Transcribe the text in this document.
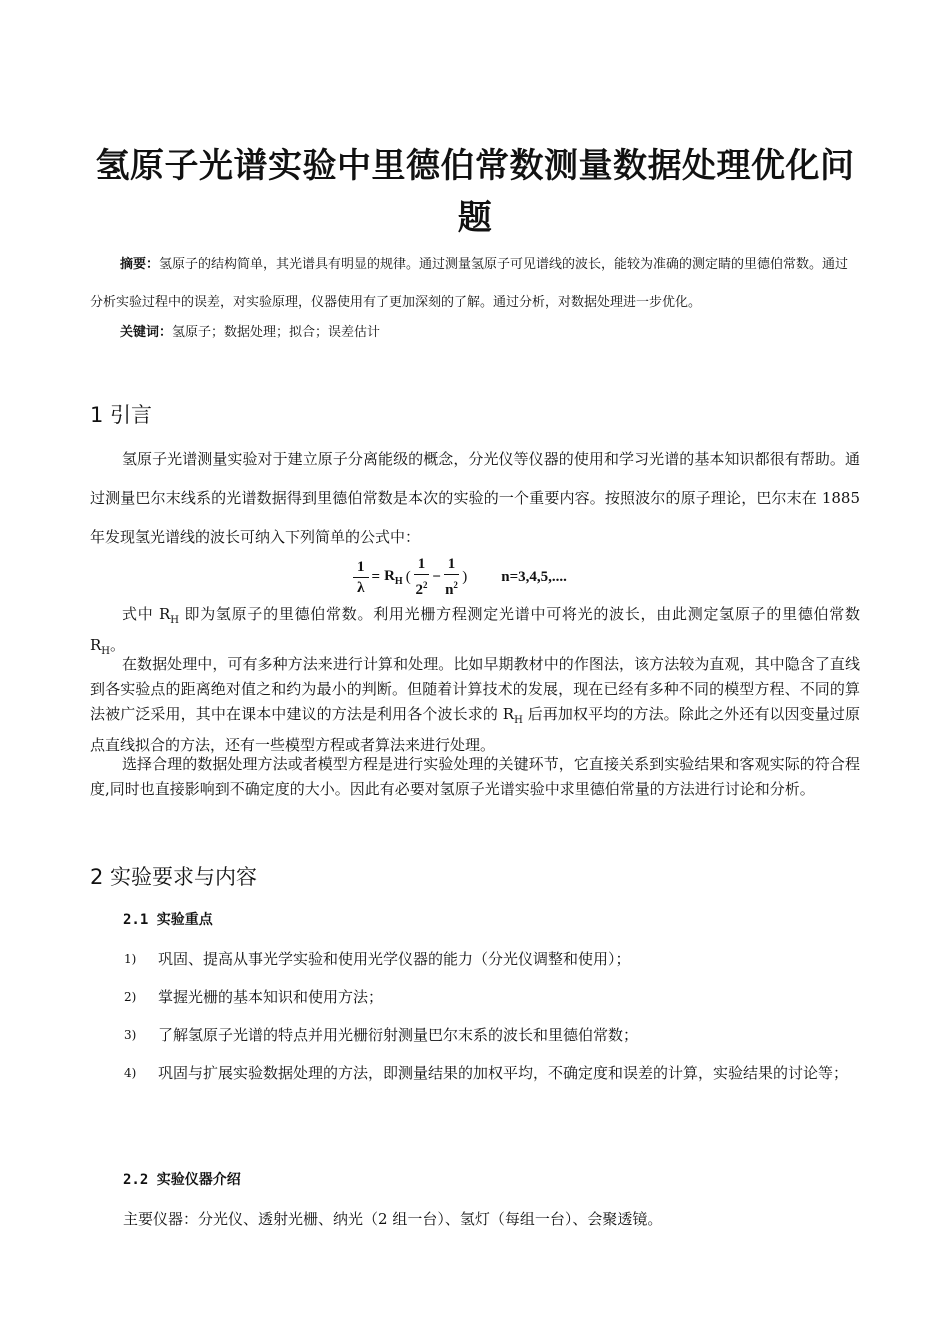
氢原子光谱实验中里德伯常数测量数据处理优化问题
摘要：氢原子的结构简单，其光谱具有明显的规律。通过测量氢原子可见谱线的波长，能较为准确的测定睛的里德伯常数。通过分析实验过程中的误差，对实验原理，仪器使用有了更加深刻的了解。通过分析，对数据处理进一步优化。
关键词：氢原子；数据处理；拟合；误差估计
1 引言
氢原子光谱测量实验对于建立原子分离能级的概念，分光仪等仪器的使用和学习光谱的基本知识都很有帮助。通过测量巴尔末线系的光谱数据得到里德伯常数是本次的实验的一个重要内容。按照波尔的原子理论，巴尔末在 1885 年发现氢光谱线的波长可纳入下列简单的公式中：
$\frac{1}{\lambda} = R_H$ ( $\frac{1}{2^2} - \frac{1}{n^2}$ ) n=3,4,5,....
式中 $R_H$ 即为氢原子的里德伯常数。利用光栅方程测定光谱中可将光的波长，由此测定氢原子的里德伯常数 $R_H$。
在数据处理中，可有多种方法来进行计算和处理。比如早期教材中的作图法，该方法较为直观，其中隐含了直线到各实验点的距离绝对值之和约为最小的判断。但随着计算技术的发展，现在已经有多种不同的模型方程、不同的算法被广泛采用，其中在课本中建议的方法是利用各个波长求的 $R_H$ 后再加权平均的方法。除此之外还有以因变量过原点直线拟合的方法，还有一些模型方程或者算法来进行处理。
选择合理的数据处理方法或者模型方程是进行实验处理的关键环节，它直接关系到实验结果和客观实际的符合程度,同时也直接影响到不确定度的大小。因此有必要对氢原子光谱实验中求里德伯常量的方法进行讨论和分析。
2 实验要求与内容
2.1 实验重点
1) 巩固、提高从事光学实验和使用光学仪器的能力（分光仪调整和使用）；
2) 掌握光栅的基本知识和使用方法；
3) 了解氢原子光谱的特点并用光栅衍射测量巴尔末系的波长和里德伯常数；
4) 巩固与扩展实验数据处理的方法，即测量结果的加权平均，不确定度和误差的计算，实验结果的讨论等；
2.2 实验仪器介绍
主要仪器：分光仪、透射光栅、纳光（2 组一台）、氢灯（每组一台）、会聚透镜。
